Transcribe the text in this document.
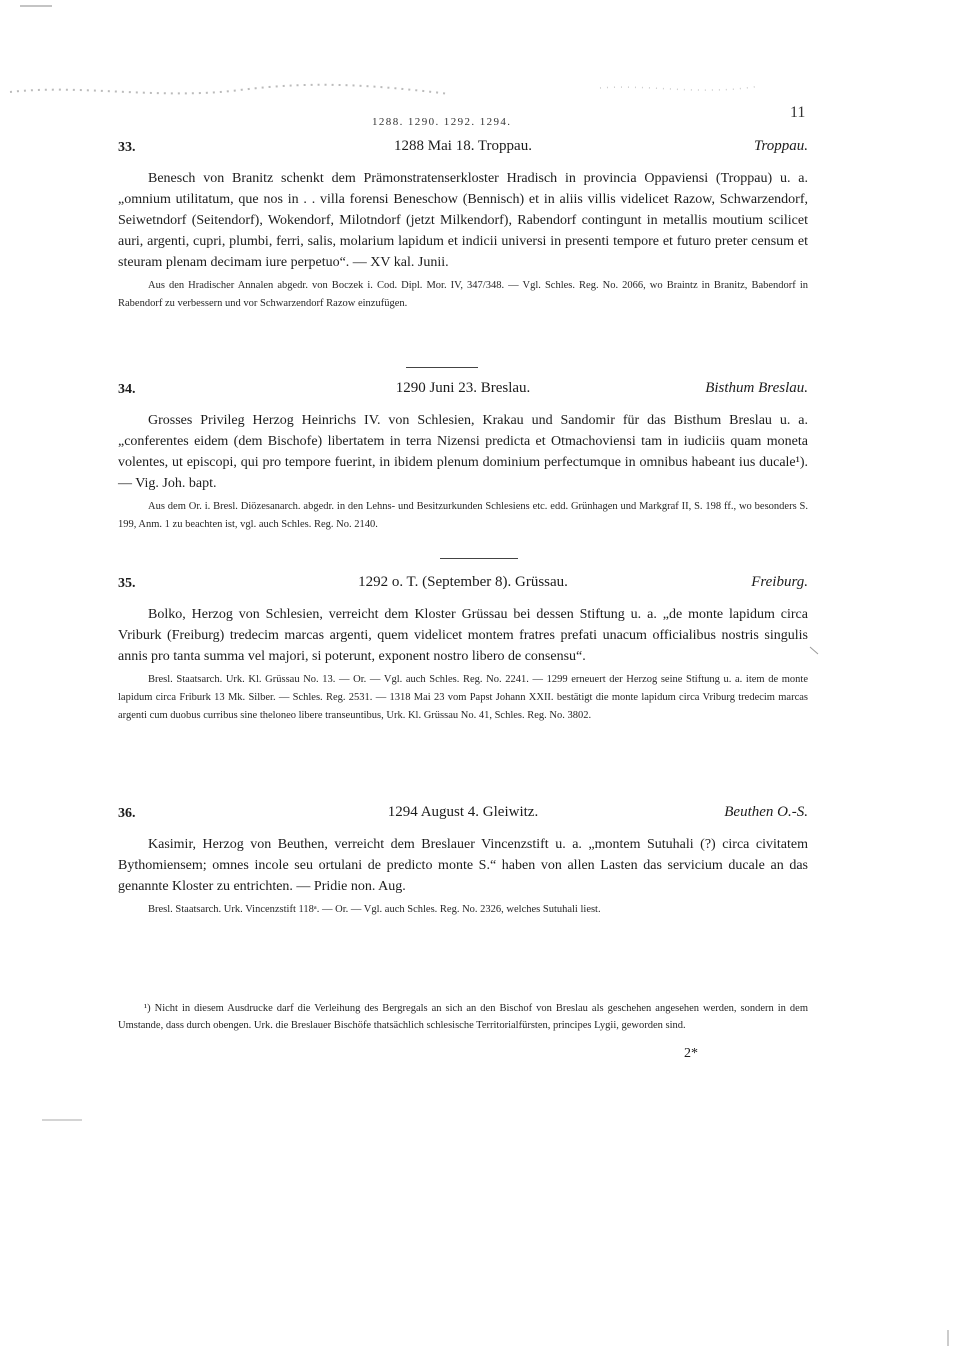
1288. 1290. 1292. 1294.
11
33.	1288 Mai 18. Troppau.	Troppau.

Benesch von Branitz schenkt dem Prämonstratenserkloster Hradisch in provincia Oppaviensi (Troppau) u. a. „omnium utilitatum, que nos in . . villa forensi Beneschow (Bennisch) et in aliis villis videlicet Razow, Schwarzendorf, Seiwetndorf (Seitendorf), Wokendorf, Milotndorf (jetzt Milkendorf), Rabendorf contingunt in metallis moutium scilicet auri, argenti, cupri, plumbi, ferri, salis, molarium lapidum et indicii universi in presenti tempore et futuro preter censum et steuram plenam decimam iure perpetuo“. — XV kal. Junii.

Aus den Hradischer Annalen abgedr. von Boczek i. Cod. Dipl. Mor. IV, 347/348. — Vgl. Schles. Reg. No. 2066, wo Braintz in Branitz, Babendorf in Rabendorf zu verbessern und vor Schwarzendorf Razow einzufügen.

34.	1290 Juni 23. Breslau.	Bisthum Breslau.

Grosses Privileg Herzog Heinrichs IV. von Schlesien, Krakau und Sandomir für das Bisthum Breslau u. a. „conferentes eidem (dem Bischofe) libertatem in terra Nizensi predicta et Otmachoviensi tam in iudiciis quam moneta volentes, ut episcopi, qui pro tempore fuerint, in ibidem plenum dominium perfectumque in omnibus habeant ius ducale¹). — Vig. Joh. bapt.

Aus dem Or. i. Bresl. Diözesanarch. abgedr. in den Lehns- und Besitzurkunden Schlesiens etc. edd. Grünhagen und Markgraf II, S. 198 ff., wo besonders S. 199, Anm. 1 zu beachten ist, vgl. auch Schles. Reg. No. 2140.

35.	1292 o. T. (September 8). Grüssau.	Freiburg.

Bolko, Herzog von Schlesien, verreicht dem Kloster Grüssau bei dessen Stiftung u. a. „de monte lapidum circa Vriburk (Freiburg) tredecim marcas argenti, quem videlicet montem fratres prefati unacum officialibus nostris singulis annis pro tanta summa vel majori, si poterunt, exponent nostro libero de consensu“.

Bresl. Staatsarch. Urk. Kl. Grüssau No. 13. — Or. — Vgl. auch Schles. Reg. No. 2241. — 1299 erneuert der Herzog seine Stiftung u. a. item de monte lapidum circa Friburk 13 Mk. Silber. — Schles. Reg. 2531. — 1318 Mai 23 vom Papst Johann XXII. bestätigt die monte lapidum circa Vriburg tredecim marcas argenti cum duobus curribus sine theloneo libere transeuntibus, Urk. Kl. Grüssau No. 41, Schles. Reg. No. 3802.

36.	1294 August 4. Gleiwitz.	Beuthen O.-S.

Kasimir, Herzog von Beuthen, verreicht dem Breslauer Vincenzstift u. a. „montem Sutuhali (?) circa civitatem Bythomiensem; omnes incole seu ortulani de predicto monte S.“ haben von allen Lasten das servicium ducale an das genannte Kloster zu entrichten. — Pridie non. Aug.

Bresl. Staatsarch. Urk. Vincenzstift 118ᵃ. — Or. — Vgl. auch Schles. Reg. No. 2326, welches Sutuhali liest.

¹) Nicht in diesem Ausdrucke darf die Verleihung des Bergregals an sich an den Bischof von Breslau als geschehen angesehen werden, sondern in dem Umstande, dass durch obengen. Urk. die Breslauer Bischöfe thatsächlich schlesische Territorialfürsten, principes Lygii, geworden sind.
2*
